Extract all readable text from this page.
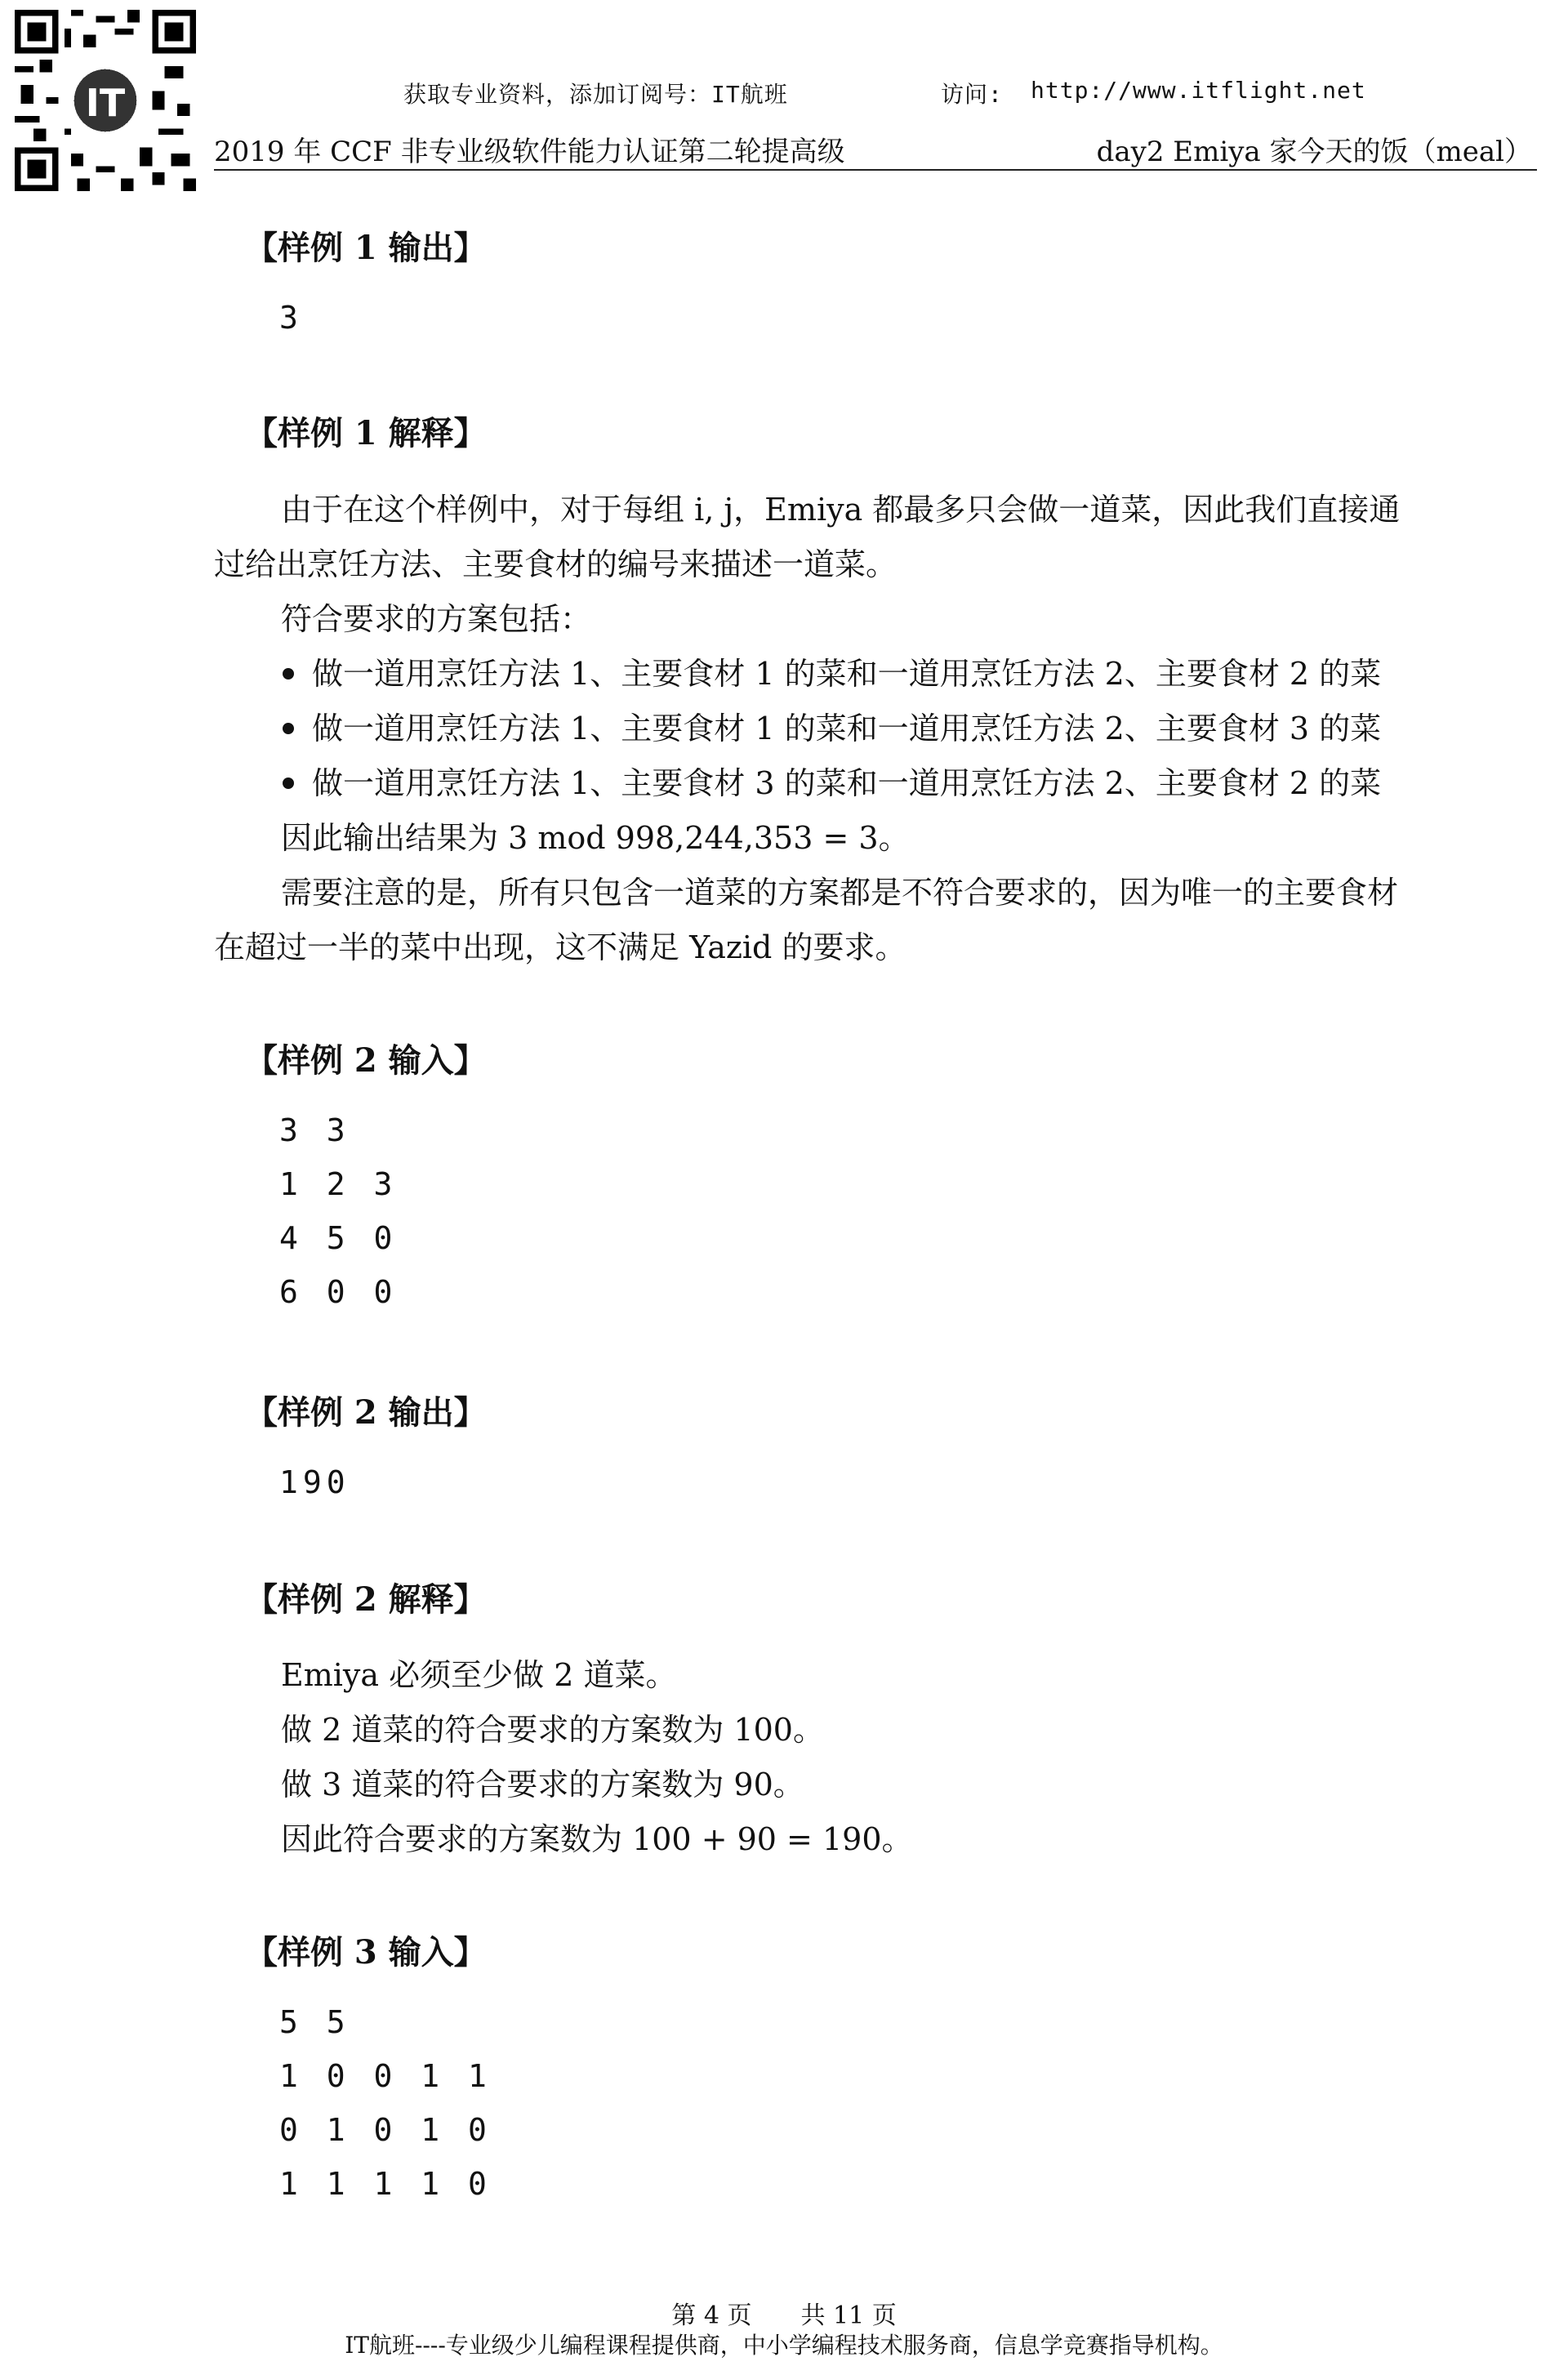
IT	获取专业资料，添加订阅号：IT航班	访问: http://www.itflight.net
2019 年 CCF 非专业级软件能力认证第二轮提高级	day2 Emiya 家今天的饭（meal）
【样例 1 输出】
3
【样例 1 解释】
由于在这个样例中，对于每组 i, j，Emiya 都最多只会做一道菜，因此我们直接通
过给出烹饪方法、主要食材的编号来描述一道菜。
符合要求的方案包括：
做一道用烹饪方法 1、主要食材 1 的菜和一道用烹饪方法 2、主要食材 2 的菜
做一道用烹饪方法 1、主要食材 1 的菜和一道用烹饪方法 2、主要食材 3 的菜
做一道用烹饪方法 1、主要食材 3 的菜和一道用烹饪方法 2、主要食材 2 的菜
因此输出结果为 3 mod 998,244,353 = 3。
需要注意的是，所有只包含一道菜的方案都是不符合要求的，因为唯一的主要食材
在超过一半的菜中出现，这不满足 Yazid 的要求。
【样例 2 输入】
3 3
1 2 3
4 5 0
6 0 0
【样例 2 输出】
190
【样例 2 解释】
Emiya 必须至少做 2 道菜。
做 2 道菜的符合要求的方案数为 100。
做 3 道菜的符合要求的方案数为 90。
因此符合要求的方案数为 100 + 90 = 190。
【样例 3 输入】
5 5
1 0 0 1 1
0 1 0 1 0
1 1 1 1 0
第 4 页　　共 11 页
IT航班----专业级少儿编程课程提供商，中小学编程技术服务商，信息学竞赛指导机构。
